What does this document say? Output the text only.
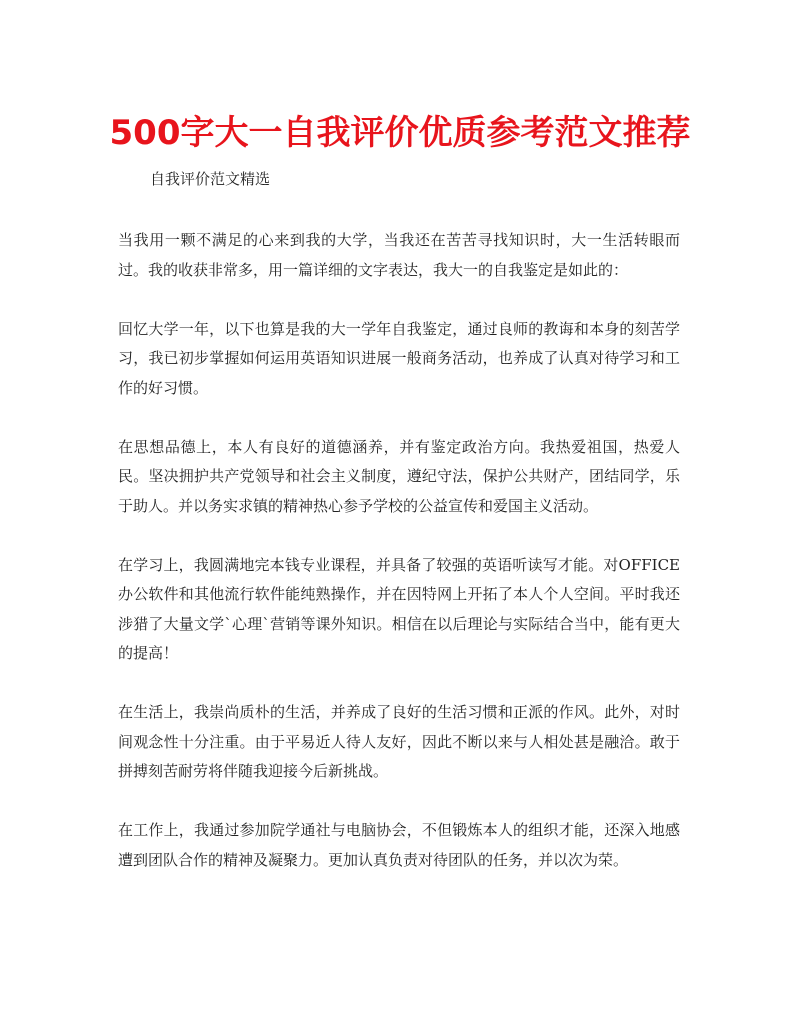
500字大一自我评价优质参考范文推荐

自我评价范文精选

当我用一颗不满足的心来到我的大学，当我还在苦苦寻找知识时，大一生活转眼而过。我的收获非常多，用一篇详细的文字表达，我大一的自我鉴定是如此的：

回忆大学一年，以下也算是我的大一学年自我鉴定，通过良师的教诲和本身的刻苦学习，我已初步掌握如何运用英语知识进展一般商务活动，也养成了认真对待学习和工作的好习惯。

在思想品德上，本人有良好的道德涵养，并有鉴定政治方向。我热爱祖国，热爱人民。坚决拥护共产党领导和社会主义制度，遵纪守法，保护公共财产，团结同学，乐于助人。并以务实求镇的精神热心参予学校的公益宣传和爱国主义活动。

在学习上，我圆满地完本钱专业课程，并具备了较强的英语听读写才能。对OFFICE办公软件和其他流行软件能纯熟操作，并在因特网上开拓了本人个人空间。平时我还涉猎了大量文学`心理`营销等课外知识。相信在以后理论与实际结合当中，能有更大的提高！

在生活上，我崇尚质朴的生活，并养成了良好的生活习惯和正派的作风。此外，对时间观念性十分注重。由于平易近人待人友好，因此不断以来与人相处甚是融洽。敢于拼搏刻苦耐劳将伴随我迎接今后新挑战。

在工作上，我通过参加院学通社与电脑协会，不但锻炼本人的组织才能，还深入地感遭到团队合作的精神及凝聚力。更加认真负责对待团队的任务，并以次为荣。
